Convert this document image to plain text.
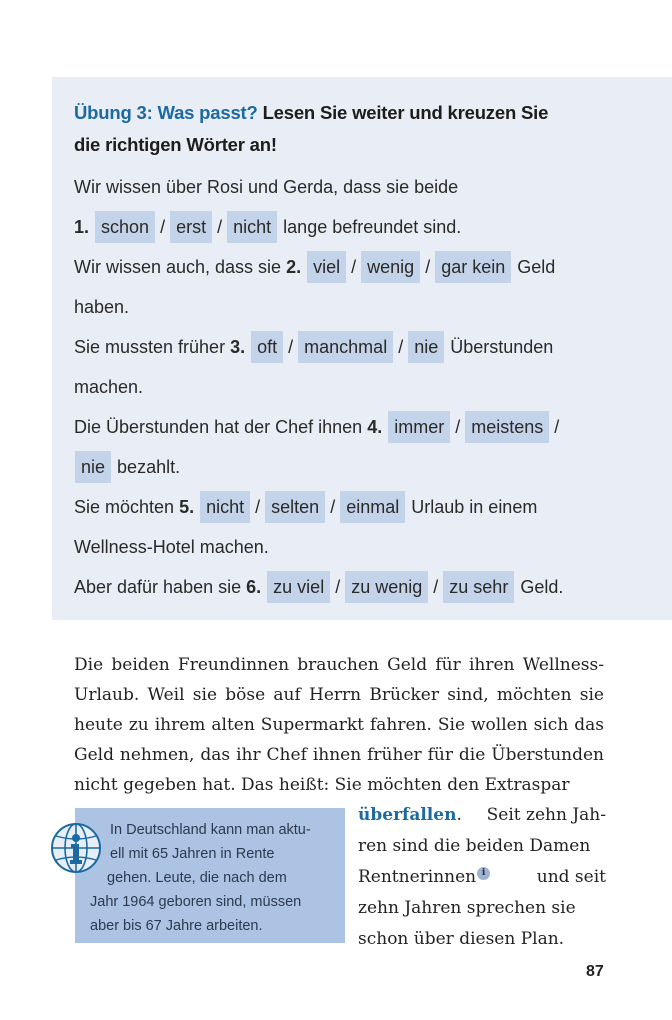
Übung 3: Was passt? Lesen Sie weiter und kreuzen Sie
die richtigen Wörter an!
Wir wissen über Rosi und Gerda, dass sie beide
1. schon / erst / nicht lange befreundet sind.
Wir wissen auch, dass sie 2. viel / wenig / gar kein Geld
haben.
Sie mussten früher 3. oft / manchmal / nie Überstunden
machen.
Die Überstunden hat der Chef ihnen 4. immer / meistens /
nie bezahlt.
Sie möchten 5. nicht / selten / einmal Urlaub in einem
Wellness-Hotel machen.
Aber dafür haben sie 6. zu viel / zu wenig / zu sehr Geld.

Die beiden Freundinnen brauchen Geld für ihren Wellness-Urlaub. Weil sie böse auf Herrn Brücker sind, möchten sie heute zu ihrem alten Supermarkt fahren. Sie wollen sich das Geld nehmen, das ihr Chef ihnen früher für die Überstunden nicht gegeben hat. Das heißt: Sie möchten den Extraspar

In Deutschland kann man aktu-
ell mit 65 Jahren in Rente
gehen. Leute, die nach dem
Jahr 1964 geboren sind, müssen
aber bis 67 Jahre arbeiten.
überfallen. Seit zehn Jah-
ren sind die beiden Damen
Rentnerinnen i	und seit
zehn Jahren sprechen sie
schon über diesen Plan.
87
